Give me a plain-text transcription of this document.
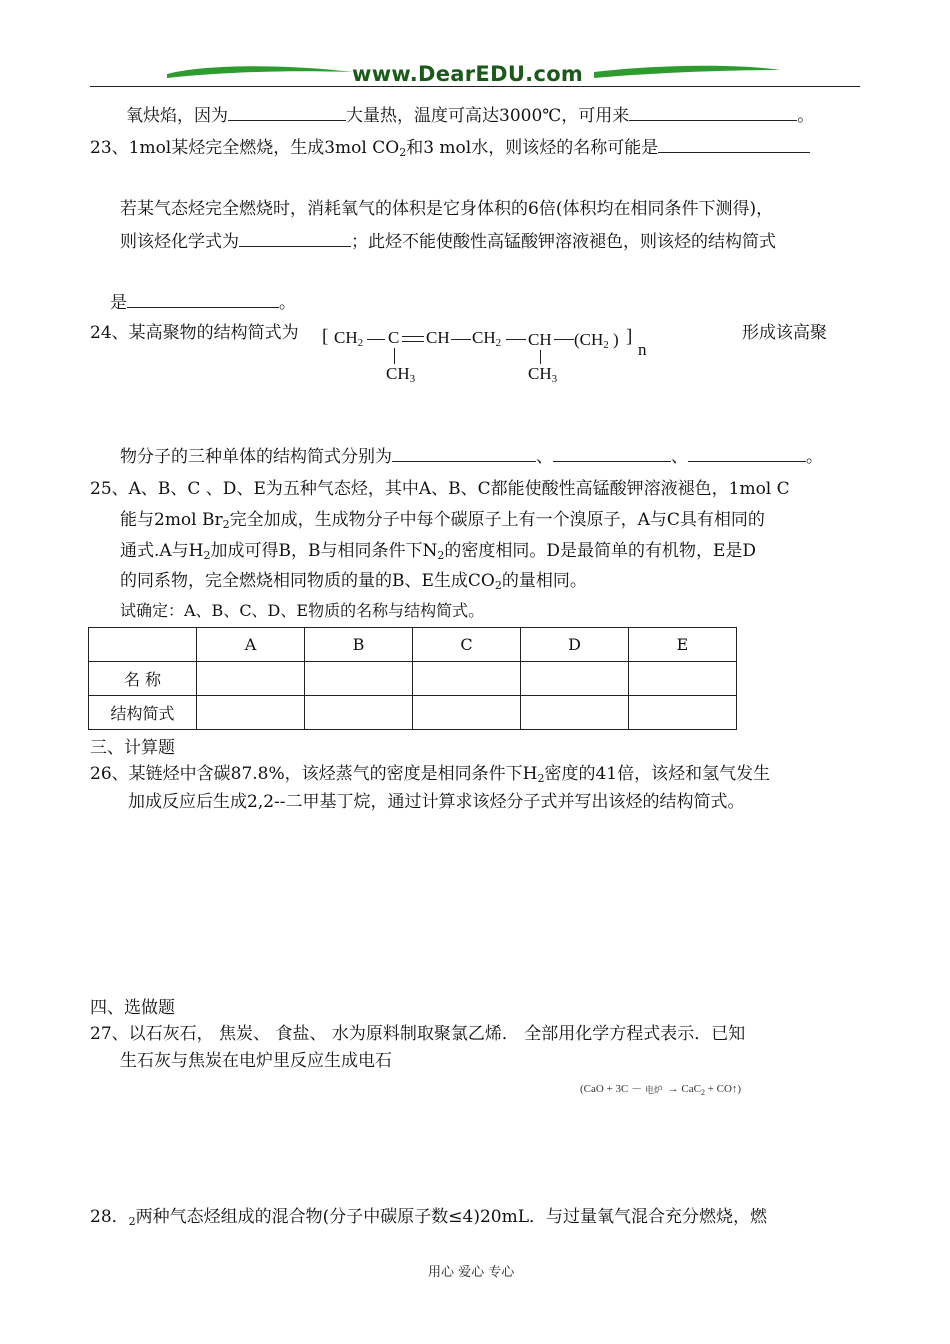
www.DearEDU.com
氧炔焰，因为	大量热，温度可高达3000℃，可用来	。
23、1mol某烃完全燃烧，生成3mol $CO_2$和3 mol水，则该烃的名称可能是
若某气态烃完全燃烧时，消耗氧气的体积是它身体积的6倍(体积均在相同条件下测得)，
则该烃化学式为	；此烃不能使酸性高锰酸钾溶液褪色，则该烃的结构简式
是	。
24、某高聚物的结构简式为	形成该高聚
[ $CH_2$ C CH $CH_2$ CH ($CH_2$ ) ]
n
$CH_3$	$CH_3$
物分子的三种单体的结构简式分别为	、	、	。
25、A、B、C 、D、E为五种气态烃，其中A、B、C都能使酸性高锰酸钾溶液褪色，1mol C
能与2mol $Br_2$完全加成，生成物分子中每个碳原子上有一个溴原子，A与C具有相同的
通式.A与$H_2$加成可得B，B与相同条件下$N_2$的密度相同。D是最简单的有机物，E是D
的同系物，完全燃烧相同物质的量的B、E生成$CO_2$的量相同。
试确定：A、B、C、D、E物质的名称与结构简式。
	A	B	C	D	E
名 称					
结构简式					
三、计算题
26、某链烃中含碳87.8%，该烃蒸气的密度是相同条件下$H_2$密度的41倍，该烃和氢气发生
加成反应后生成2,2--二甲基丁烷，通过计算求该烃分子式并写出该烃的结构简式。
四、选做题
27、以石灰石， 焦炭、 食盐、 水为原料制取聚氯乙烯． 全部用化学方程式表示．已知
生石灰与焦炭在电炉里反应生成电石
(CaO + 3C － 电炉 → CaC$_2$ + CO↑)
28．$_2$两种气态烃组成的混合物(分子中碳原子数≤4)20mL．与过量氧气混合充分燃烧，燃
用心 爱心 专心
